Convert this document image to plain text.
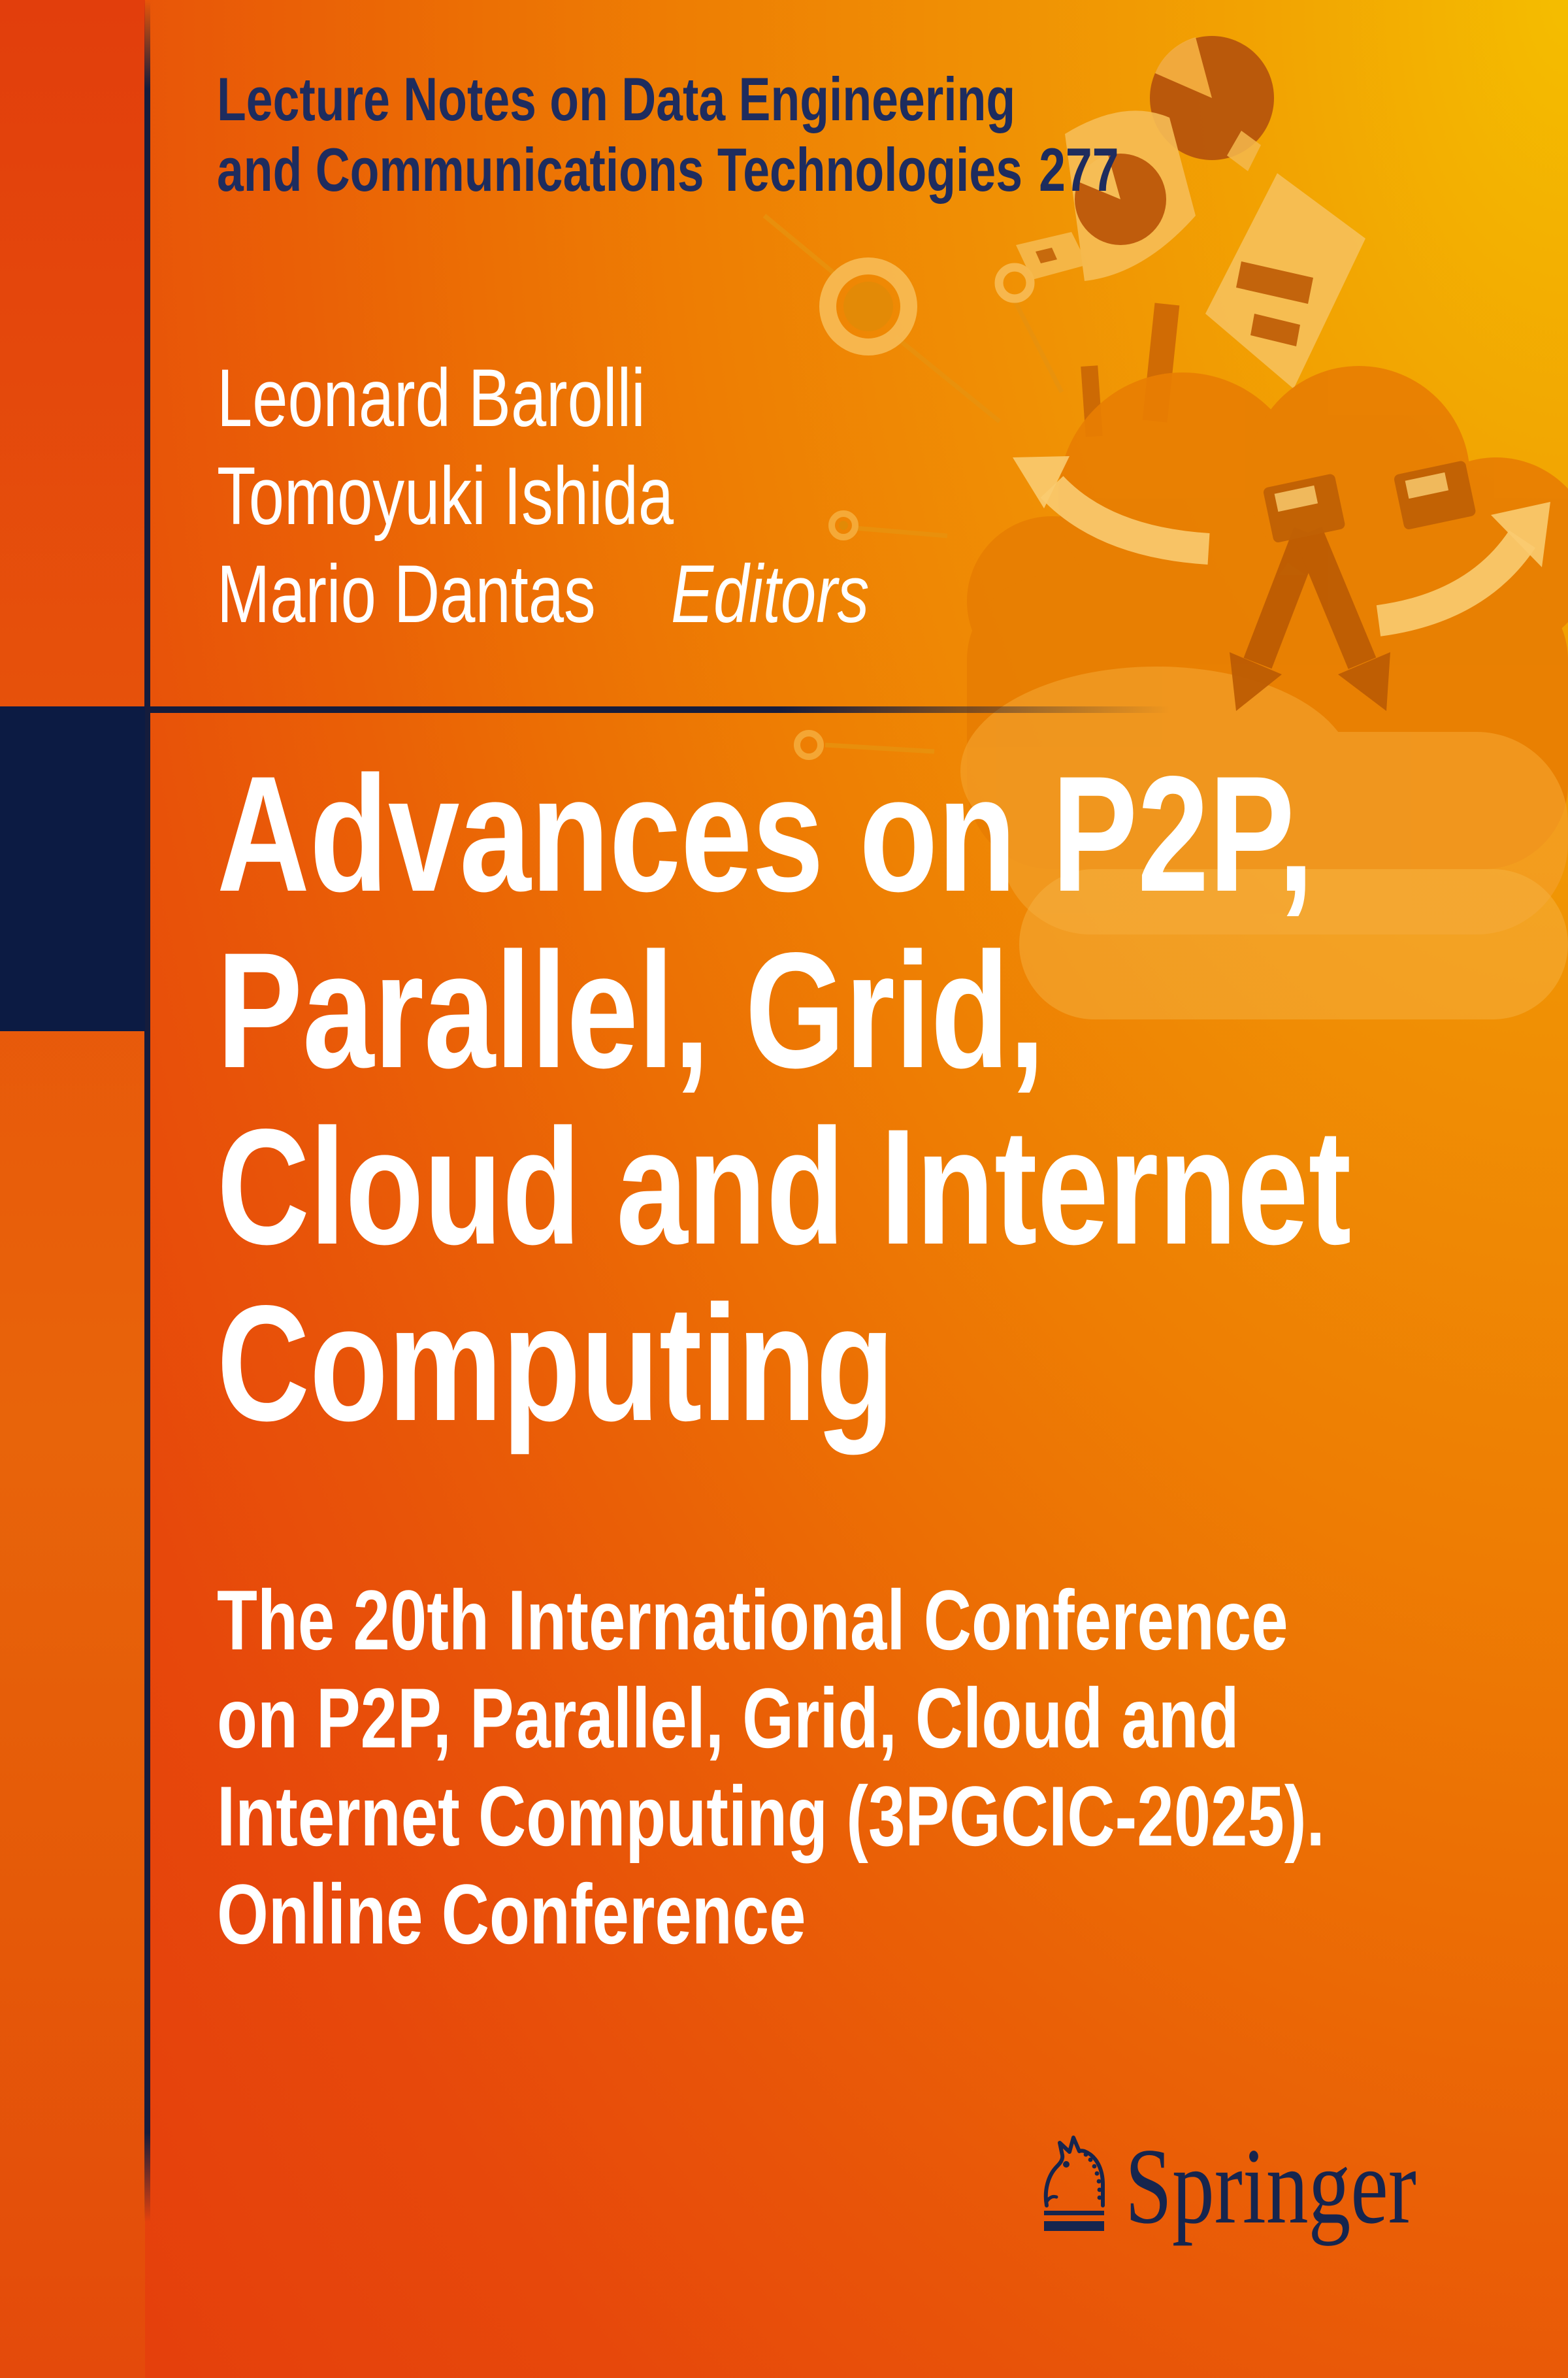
Lecture Notes on Data Engineering
and Communications Technologies 277
Leonard Barolli
Tomoyuki Ishida
Mario Dantas Editors
Advances on P2P,
Parallel, Grid,
Cloud and Internet
Computing
The 20th International Conference
on P2P, Parallel, Grid, Cloud and
Internet Computing (3PGCIC-2025).
Online Conference
Springer
